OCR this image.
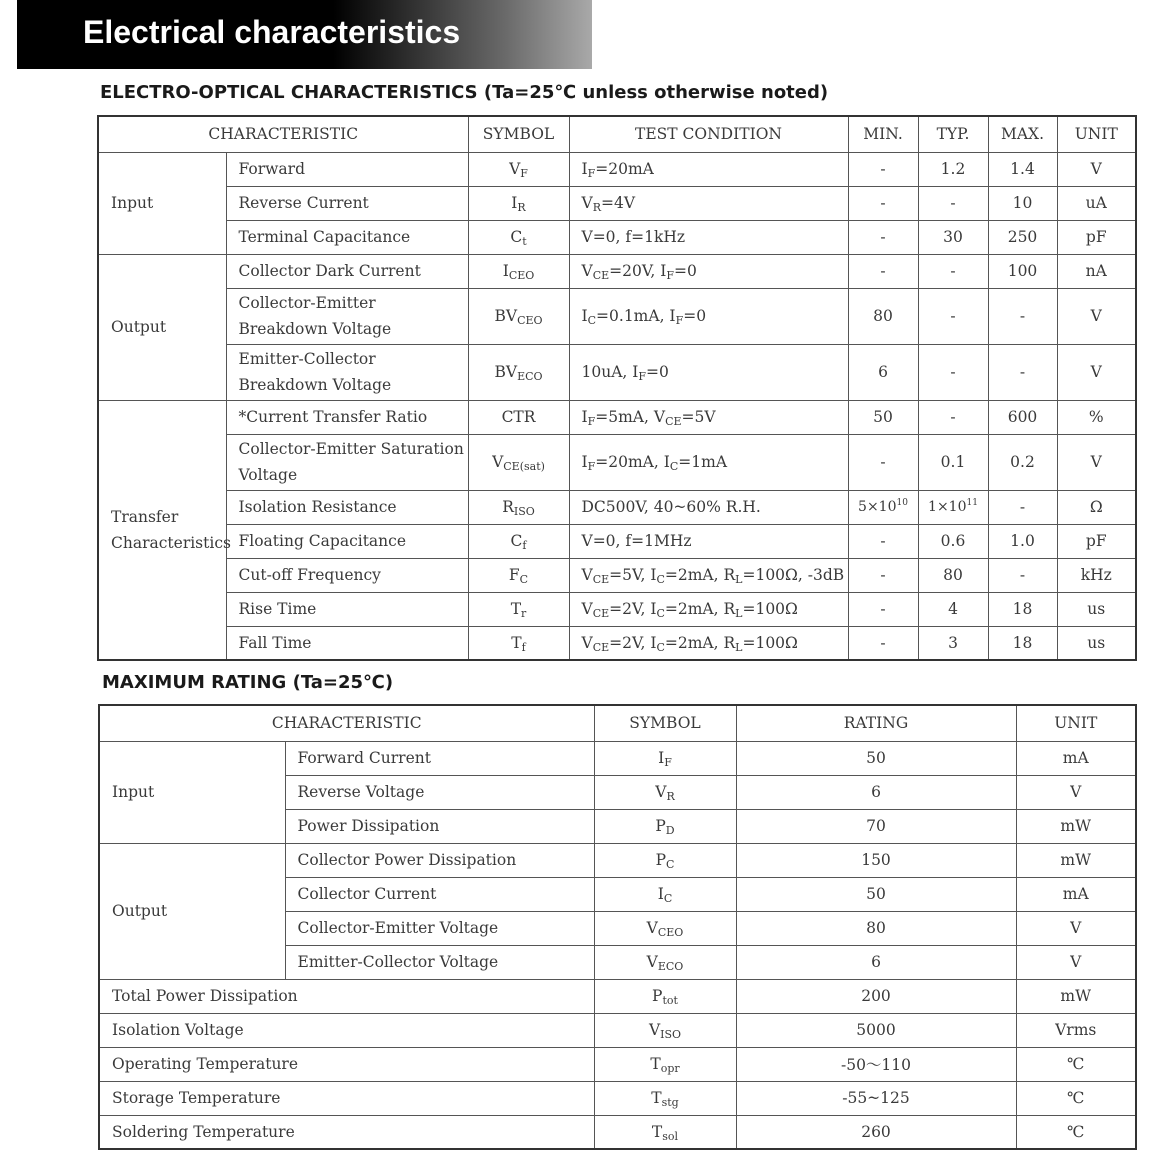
Electrical characteristics
ELECTRO-OPTICAL CHARACTERISTICS (Ta=25℃ unless otherwise noted)
CHARACTERISTIC		SYMBOL	TEST CONDITION	MIN.	TYP.	MAX.	UNIT
Input	Forward	$V_F$	$I_F=20mA$	-	1.2	1.4	V
	Reverse Current	$I_R$	$V_R=4V$	-	-	10	uA
	Terminal Capacitance	$C_t$	V=0, f=1kHz	-	30	250	pF
Output	Collector Dark Current	$I_{CEO}$	$V_{CE}=20V$, $I_F=0$	-	-	100	nA
	Collector-Emitter Breakdown Voltage	$BV_{CEO}$	$I_C=0.1mA$, $I_F=0$	80	-	-	V
	Emitter-Collector Breakdown Voltage	$BV_{ECO}$	10uA, $I_F=0$	6	-	-	V
Transfer Characteristics	*Current Transfer Ratio	CTR	$I_F=5mA$, $V_{CE}=5V$	50	-	600	%
	Collector-Emitter Saturation Voltage	$V_{CE(sat)}$	$I_F=20mA$, $I_C=1mA$	-	0.1	0.2	V
	Isolation Resistance	$R_{ISO}$	DC500V, 40~60% R.H.	$5\times 10^{10}$	$1\times 10^{11}$	-	Ω
	Floating Capacitance	$C_f$	V=0, f=1MHz	-	0.6	1.0	pF
	Cut-off Frequency	$F_C$	$V_{CE}=5V$, $I_C=2mA$, $R_L=100\Omega$, -3dB	-	80	-	kHz
	Rise Time	$T_r$	$V_{CE}=2V$, $I_C=2mA$, $R_L=100\Omega$	-	4	18	us
	Fall Time	$T_f$	$V_{CE}=2V$, $I_C=2mA$, $R_L=100\Omega$	-	3	18	us
MAXIMUM RATING (Ta=25℃)
CHARACTERISTIC		SYMBOL	RATING	UNIT
Input	Forward Current	$I_F$	50	mA
	Reverse Voltage	$V_R$	6	V
	Power Dissipation	$P_D$	70	mW
Output	Collector Power Dissipation	$P_C$	150	mW
	Collector Current	$I_C$	50	mA
	Collector-Emitter Voltage	$V_{CEO}$	80	V
	Emitter-Collector Voltage	$V_{ECO}$	6	V
Total Power Dissipation		$P_{tot}$	200	mW
Isolation Voltage		$V_{ISO}$	5000	Vrms
Operating Temperature		$T_{opr}$	-50～110	℃
Storage Temperature		$T_{stg}$	-55~125	℃
Soldering Temperature		$T_{sol}$	260	℃
